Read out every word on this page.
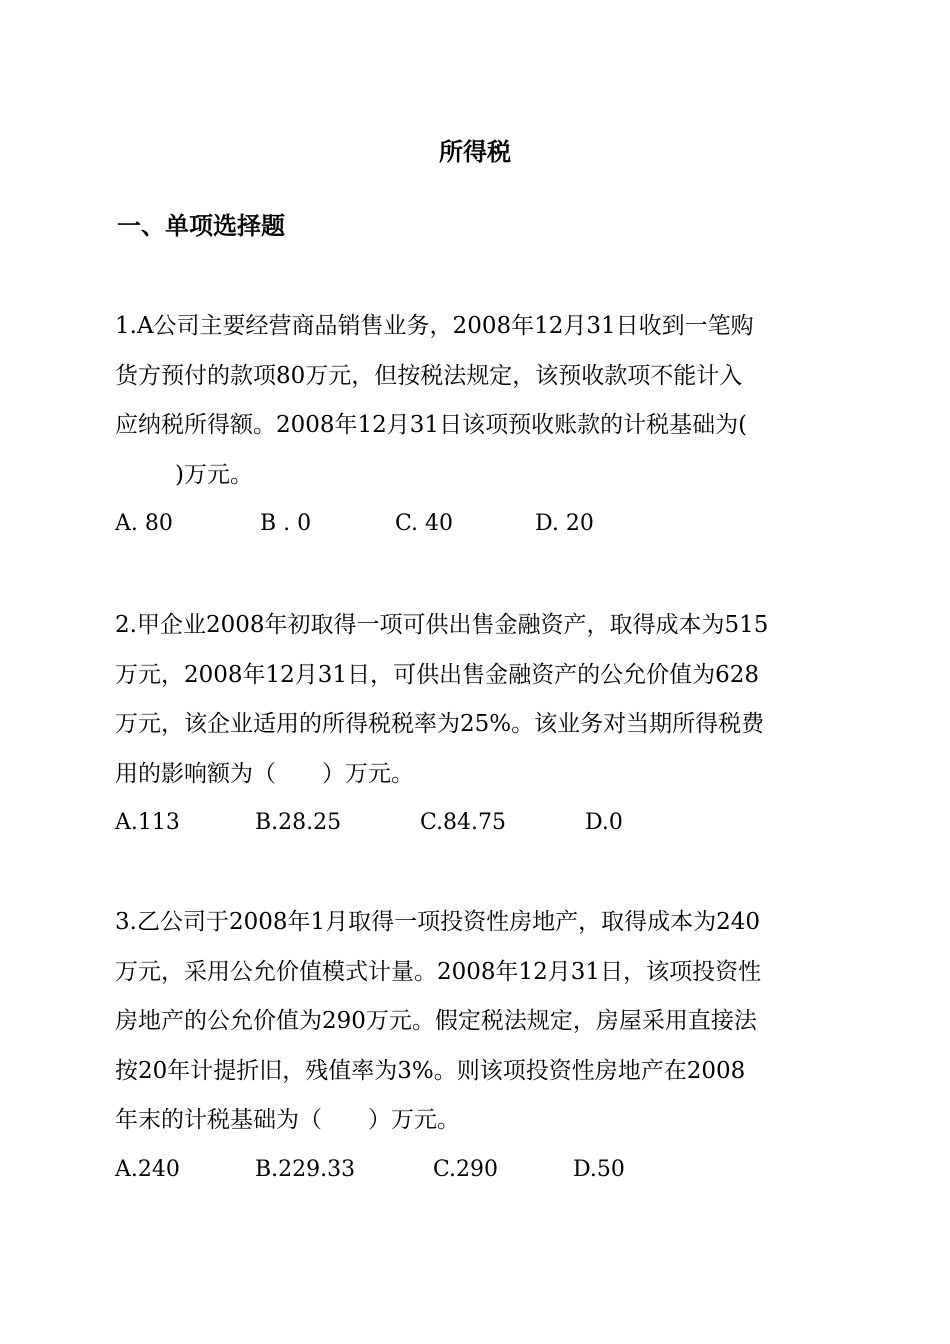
所得税
一、单项选择题
1.A公司主要经营商品销售业务，2008年12月31日收到一笔购
货方预付的款项80万元，但按税法规定，该预收款项不能计入
应纳税所得额。2008年12月31日该项预收账款的计税基础为(
)万元。
A. 80	B . 0	C. 40	D. 20
2.甲企业2008年初取得一项可供出售金融资产，取得成本为515
万元，2008年12月31日，可供出售金融资产的公允价值为628
万元，该企业适用的所得税税率为25%。该业务对当期所得税费
用的影响额为（　　）万元。
A.113	B.28.25	C.84.75	D.0
3.乙公司于2008年1月取得一项投资性房地产，取得成本为240
万元，采用公允价值模式计量。2008年12月31日，该项投资性
房地产的公允价值为290万元。假定税法规定，房屋采用直接法
按20年计提折旧，残值率为3%。则该项投资性房地产在2008
年末的计税基础为（　　）万元。
A.240	B.229.33	C.290	D.50
